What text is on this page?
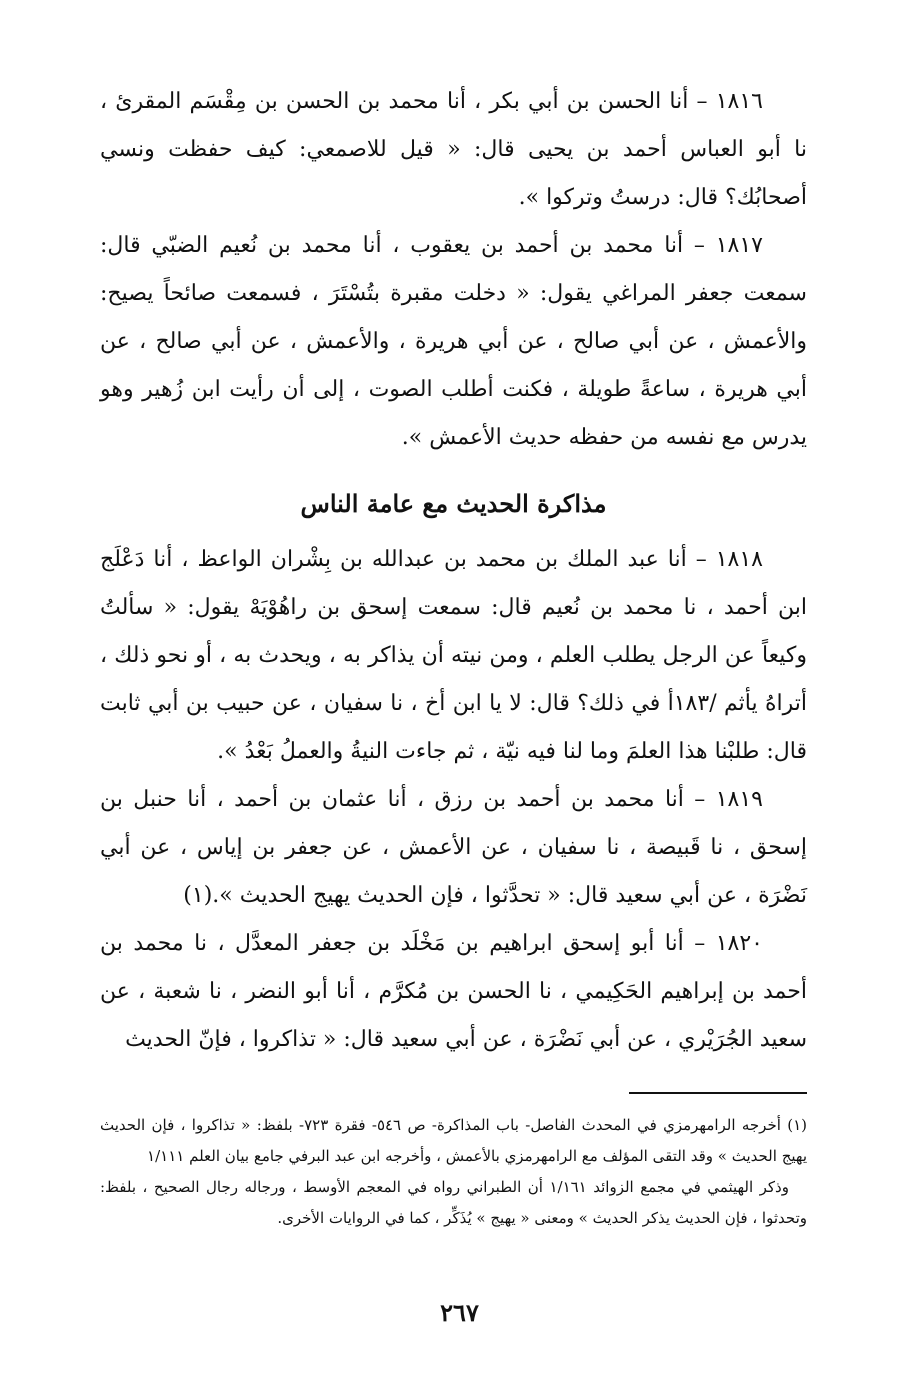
١٨١٦ – أنا الحسن بن أبي بكر ، أنا محمد بن الحسن بن مِقْسَم المقرئ ، نا أبو العباس أحمد بن يحيى قال: « قيل للاصمعي: كيف حفظت ونسي أصحابُك؟ قال: درستُ وتركوا ».

١٨١٧ – أنا محمد بن أحمد بن يعقوب ، أنا محمد بن نُعيم الضبّي قال: سمعت جعفر المراغي يقول: « دخلت مقبرة بتُسْتَرَ ، فسمعت صائحاً يصيح: والأعمش ، عن أبي صالح ، عن أبي هريرة ، والأعمش ، عن أبي صالح ، عن أبي هريرة ، ساعةً طويلة ، فكنت أطلب الصوت ، إلى أن رأيت ابن زُهير وهو يدرس مع نفسه من حفظه حديث الأعمش ».

مذاكرة الحديث مع عامة الناس

١٨١٨ – أنا عبد الملك بن محمد بن عبدالله بن بِشْران الواعظ ، أنا دَعْلَج ابن أحمد ، نا محمد بن نُعيم قال: سمعت إسحق بن راهُوْيَهْ يقول: « سألتُ وكيعاً عن الرجل يطلب العلم ، ومن نيته أن يذاكر به ، ويحدث به ، أو نحو ذلك ، أتراهُ يأثم /١٨٣أ في ذلك؟ قال: لا يا ابن أخ ، نا سفيان ، عن حبيب بن أبي ثابت قال: طلبْنا هذا العلمَ وما لنا فيه نيّة ، ثم جاءت النيةُ والعملُ بَعْدُ ».

١٨١٩ – أنا محمد بن أحمد بن رزق ، أنا عثمان بن أحمد ، أنا حنبل بن إسحق ، نا قَبيصة ، نا سفيان ، عن الأعمش ، عن جعفر بن إياس ، عن أبي نَضْرَة ، عن أبي سعيد قال: « تحدَّثوا ، فإن الحديث يهيج الحديث ».(١)

١٨٢٠ – أنا أبو إسحق ابراهيم بن مَخْلَد بن جعفر المعدَّل ، نا محمد بن أحمد بن إبراهيم الحَكِيمي ، نا الحسن بن مُكرَّم ، أنا أبو النضر ، نا شعبة ، عن سعيد الجُرَيْري ، عن أبي نَضْرَة ، عن أبي سعيد قال: « تذاكروا ، فإنّ الحديث

(١) أخرجه الرامهرمزي في المحدث الفاصل- باب المذاكرة- ص ٥٤٦- فقرة ٧٢٣- بلفظ: « تذاكروا ، فإن الحديث يهيج الحديث » وقد التقى المؤلف مع الرامهرمزي بالأعمش ، وأخرجه ابن عبد البرفي جامع بيان العلم ١/١١١

وذكر الهيثمي في مجمع الزوائد ١/١٦١ أن الطبراني رواه في المعجم الأوسط ، ورجاله رجال الصحيح ، بلفظ: وتحدثوا ، فإن الحديث يذكر الحديث » ومعنى « يهيج » يُذَكِّر ، كما في الروايات الأخرى.

٢٦٧
